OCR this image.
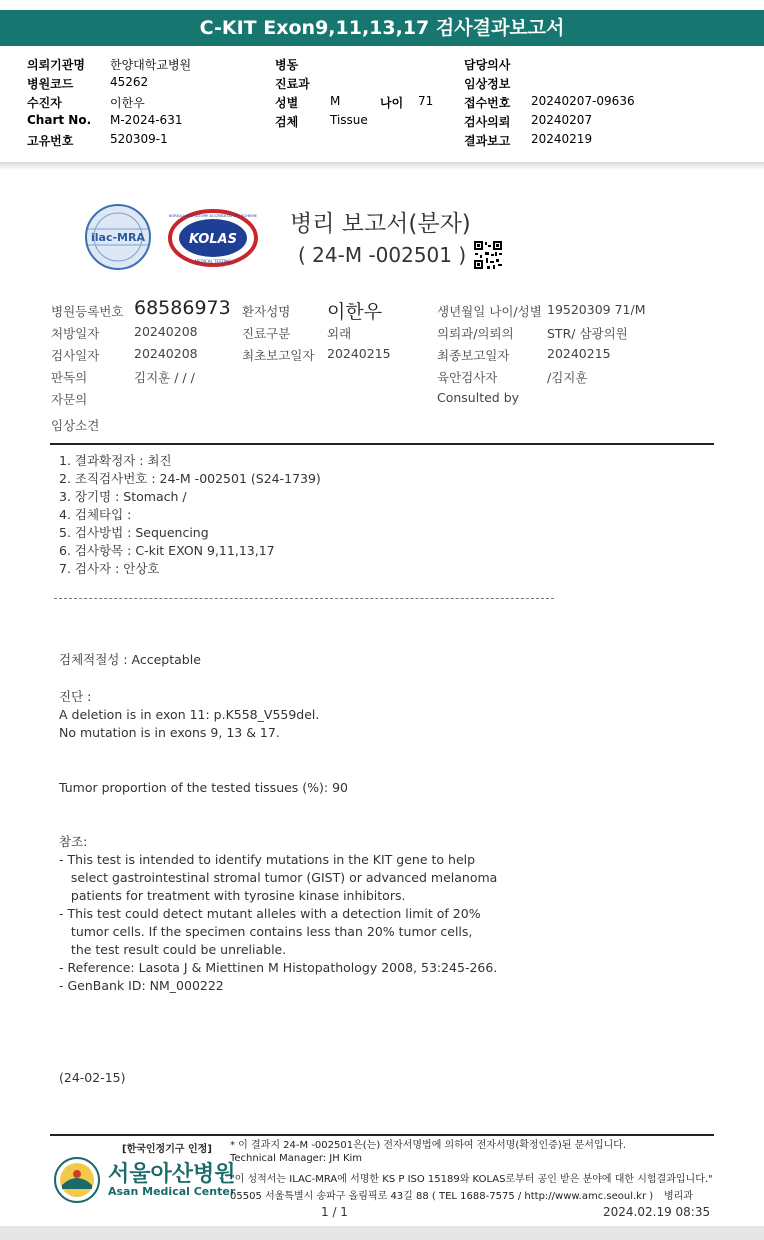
C-KIT Exon9,11,13,17 검사결과보고서
의뢰기관명 한양대학교병원	병동	담당의사
병원코드	45262	진료과	임상정보
수진자	이한우	성별	M	나이 71	접수번호 20240207-09636
Chart No. M-2024-631	검체	Tissue	검사의뢰 20240207
고유번호	520309-1	결과보고 20240219
ilac-MRA	KOLAS
KOREA LABORATORY ACCREDITATION SCHEME
MEDICAL TESTING
병리 보고서(분자)
( 24-M -002501 )
병원등록번호 68586973 환자성명 이한우	생년월일 나이/성별 19520309 71/M
처방일자	20240208	진료구분	외래	의뢰과/의뢰의	STR/ 삼광의원
검사일자	20240208	최초보고일자 20240215	최종보고일자	20240215
판독의	김지훈 / / /	육안검사자	/김지훈
자문의	Consulted by
임상소견
1. 결과확정자 : 최진
2. 조직검사번호 : 24-M -002501 (S24-1739)
3. 장기명 : Stomach /
4. 검체타입 :
5. 검사방법 : Sequencing
6. 검사항목 : C-kit EXON 9,11,13,17
7. 검사자 : 안상호
검체적절성 : Acceptable
진단 :
A deletion is in exon 11: p.K558_V559del.
No mutation is in exons 9, 13 & 17.
Tumor proportion of the tested tissues (%): 90
참조:
- This test is intended to identify mutations in the KIT gene to help
select gastrointestinal stromal tumor (GIST) or advanced melanoma
patients for treatment with tyrosine kinase inhibitors.
- This test could detect mutant alleles with a detection limit of 20%
tumor cells. If the specimen contains less than 20% tumor cells,
the test result could be unreliable.
- Reference: Lasota J & Miettinen M Histopathology 2008, 53:245-266.
- GenBank ID: NM_000222
(24-02-15)
[한국인정기구 인정]
서울아산병원
Asan Medical Center
* 이 결과지 24-M -002501은(는) 전자서명법에 의하여 전자서명(확정인증)된 문서입니다.
Technical Manager: JH Kim
"이 성적서는 ILAC-MRA에 서명한 KS P ISO 15189와 KOLAS로부터 공인 받은 분야에 대한 시험결과입니다."
05505 서울특별시 송파구 올림픽로 43길 88 ( TEL 1688-7575 / http://www.amc.seoul.kr ) 병리과
1 / 1	2024.02.19 08:35
